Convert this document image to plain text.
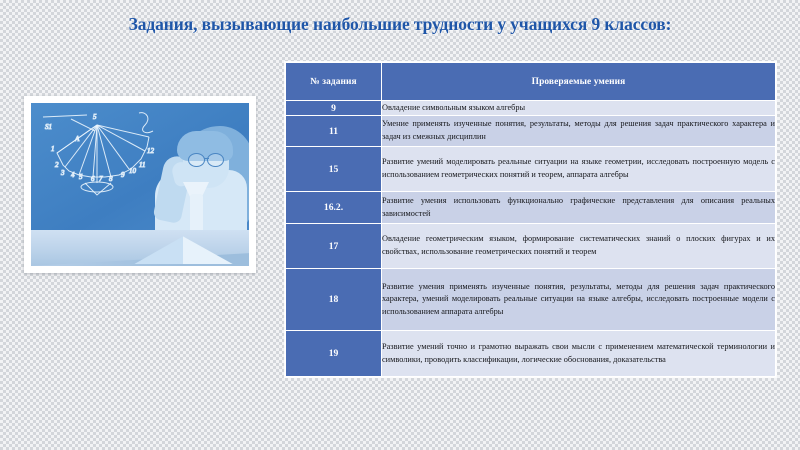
Задания, вызывающие наибольшие трудности у учащихся 9 классов:
S1
A
1
2
3 4 5 6 7 8 9 10
11
12
5
№ задания	Проверяемые умения
9	Овладение символьным языком алгебры
11	Умение применять изученные понятия, результаты, методы для решения задач практического характера и задач из смежных дисциплин
15	Развитие умений моделировать реальные ситуации на языке геометрии, исследовать построенную модель с использованием геометрических понятий и теорем, аппарата алгебры
16.2.	Развитие умения использовать функционально графические представления для описания реальных зависимостей
17	Овладение геометрическим языком, формирование систематических знаний о плоских фигурах и их свойствах, использование геометрических понятий и теорем
18	Развитие умения применять изученные понятия, результаты, методы для решения задач практического характера, умений моделировать реальные ситуации на языке алгебры, исследовать построенные модели с использованием аппарата алгебры
19	Развитие умений точно и грамотно выражать свои мысли с применением математической терминологии и символики, проводить классификации, логические обоснования, доказательства
